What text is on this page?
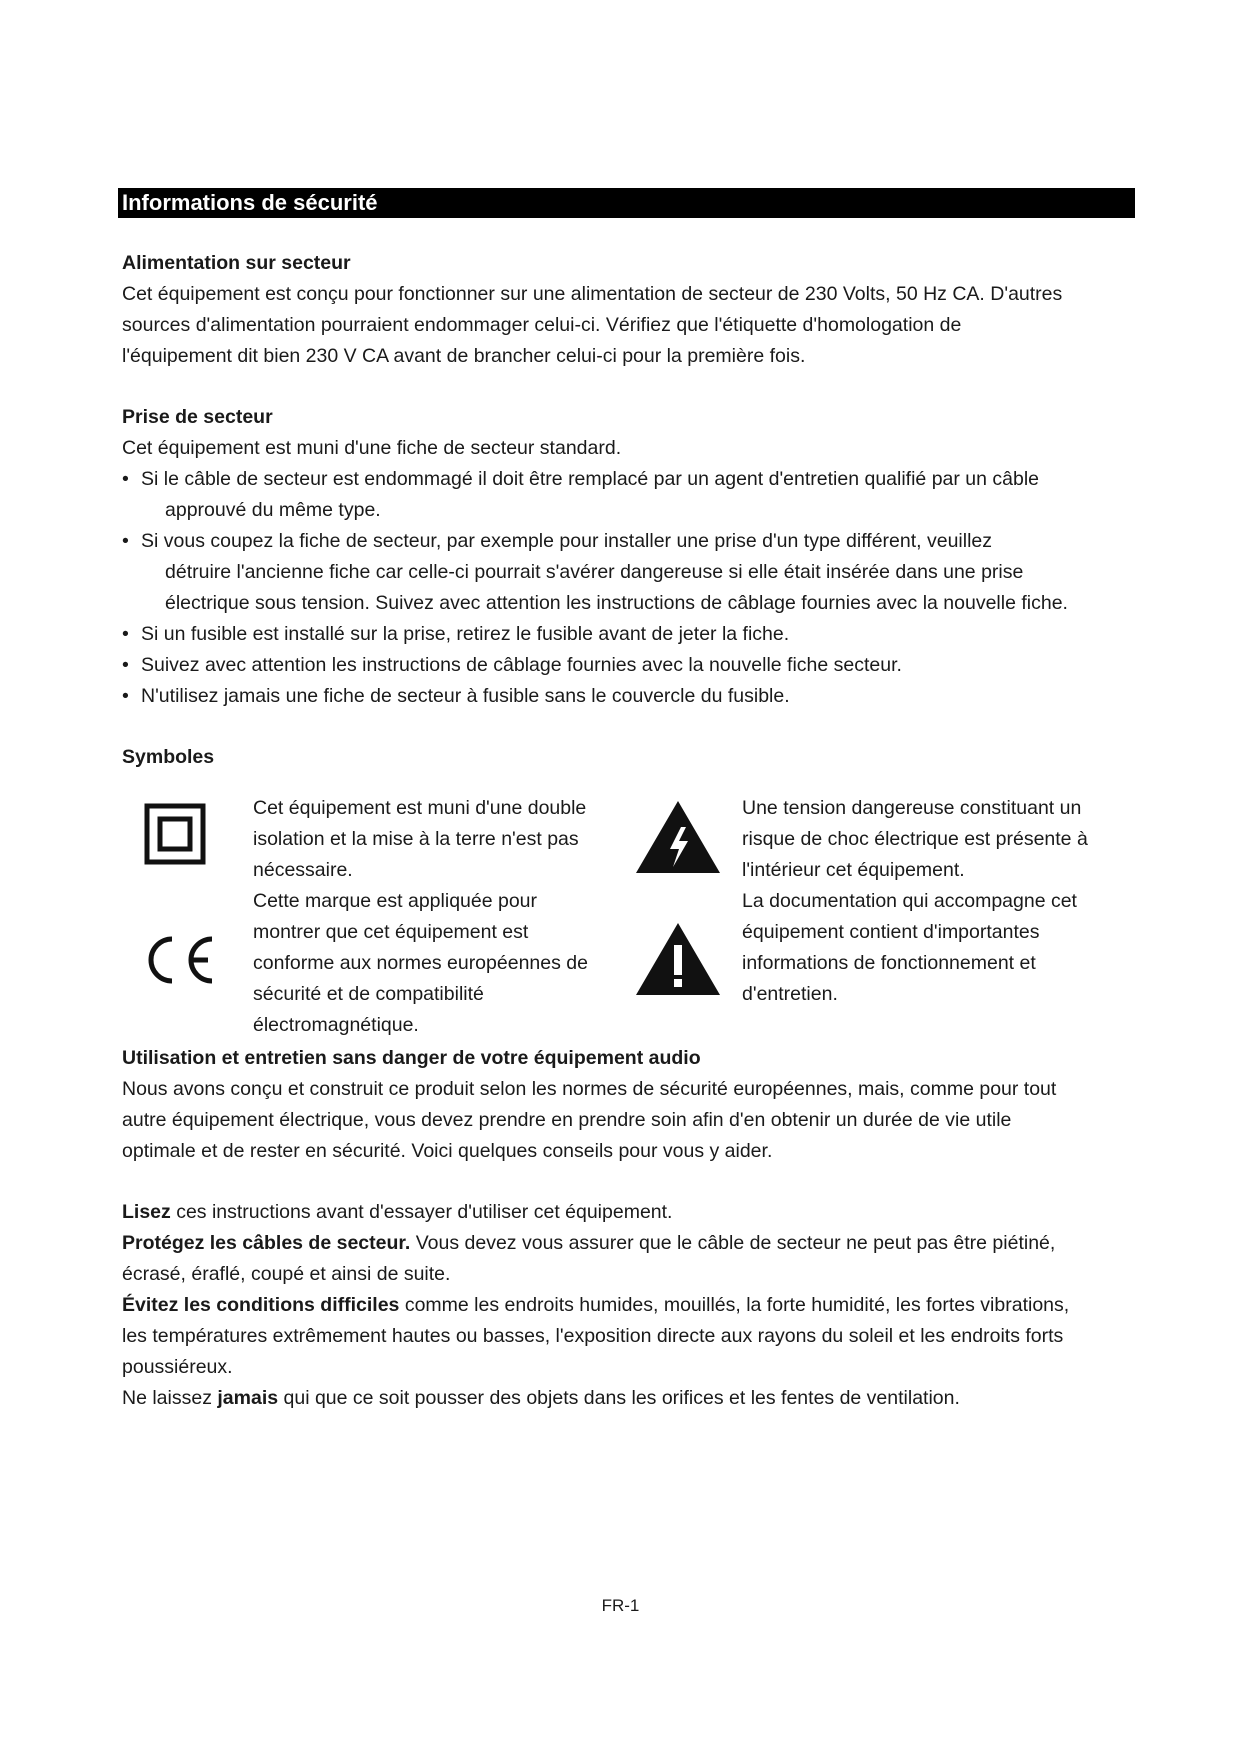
Informations de sécurité

Alimentation sur secteur

Cet équipement est conçu pour fonctionner sur une alimentation de secteur de 230 Volts, 50 Hz CA. D'autres

sources d'alimentation pourraient endommager celui-ci. Vérifiez que l'étiquette d'homologation de

l'équipement dit bien 230 V CA avant de brancher celui-ci pour la première fois.

Prise de secteur

Cet équipement est muni d'une fiche de secteur standard.

• Si le câble de secteur est endommagé il doit être remplacé par un agent d'entretien qualifié par un câble
approuvé du même type.
• Si vous coupez la fiche de secteur, par exemple pour installer une prise d'un type différent, veuillez
détruire l'ancienne fiche car celle-ci pourrait s'avérer dangereuse si elle était insérée dans une prise
électrique sous tension. Suivez avec attention les instructions de câblage fournies avec la nouvelle fiche.
• Si un fusible est installé sur la prise, retirez le fusible avant de jeter la fiche.
• Suivez avec attention les instructions de câblage fournies avec la nouvelle fiche secteur.
• N'utilisez jamais une fiche de secteur à fusible sans le couvercle du fusible.

Symboles

Cet équipement est muni d'une double
isolation et la mise à la terre n'est pas
nécessaire.
Cette marque est appliquée pour
montrer que cet équipement est
conforme aux normes européennes de
sécurité et de compatibilité
électromagnétique.
Une tension dangereuse constituant un
risque de choc électrique est présente à
l'intérieur cet équipement.
La documentation qui accompagne cet
équipement contient d'importantes
informations de fonctionnement et
d'entretien.

Utilisation et entretien sans danger de votre équipement audio

Nous avons conçu et construit ce produit selon les normes de sécurité européennes, mais, comme pour tout

autre équipement électrique, vous devez prendre en prendre soin afin d'en obtenir un durée de vie utile

optimale et de rester en sécurité. Voici quelques conseils pour vous y aider.

Lisez ces instructions avant d'essayer d'utiliser cet équipement.

Protégez les câbles de secteur. Vous devez vous assurer que le câble de secteur ne peut pas être piétiné,

écrasé, éraflé, coupé et ainsi de suite.

Évitez les conditions difficiles comme les endroits humides, mouillés, la forte humidité, les fortes vibrations,

les températures extrêmement hautes ou basses, l'exposition directe aux rayons du soleil et les endroits forts

poussiéreux.

Ne laissez jamais qui que ce soit pousser des objets dans les orifices et les fentes de ventilation.

FR-1
